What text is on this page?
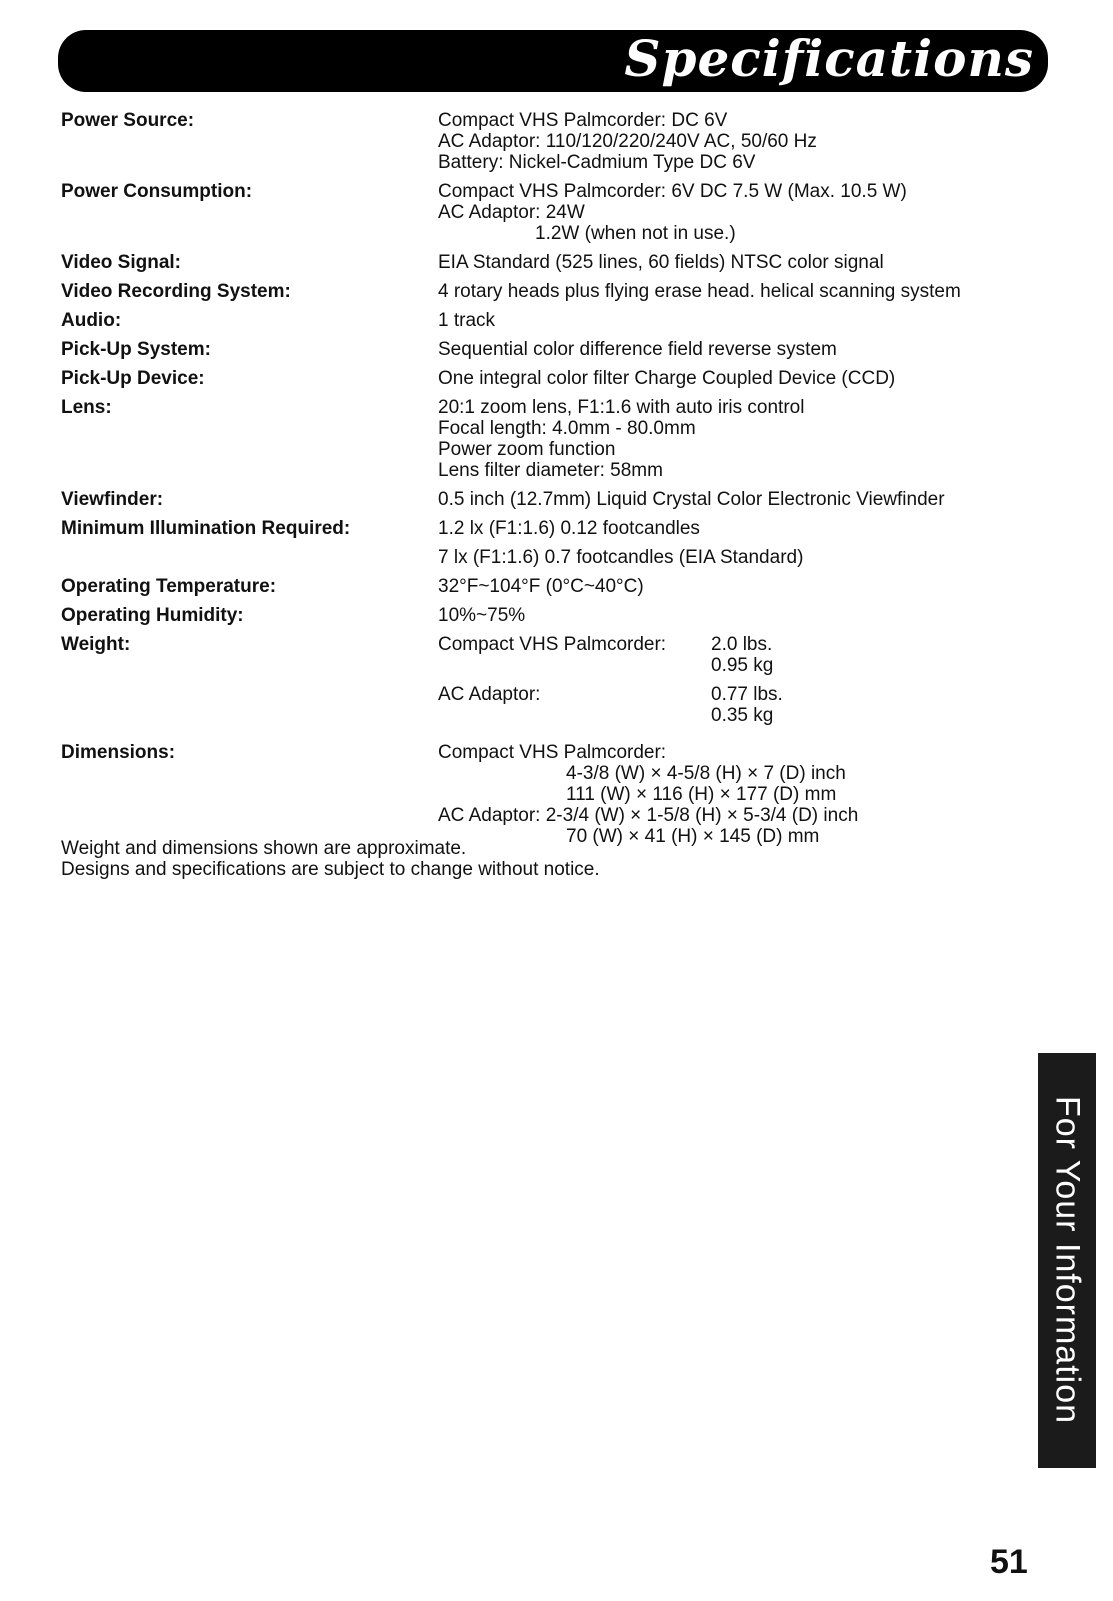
Specifications
Power Source:	Compact VHS Palmcorder: DC 6V
AC Adaptor: 110/120/220/240V AC, 50/60 Hz
Battery: Nickel-Cadmium Type DC 6V

Power Consumption:	Compact VHS Palmcorder: 6V DC 7.5 W (Max. 10.5 W)
AC Adaptor: 24W
1.2W (when not in use.)

Video Signal:	EIA Standard (525 lines, 60 fields) NTSC color signal

Video Recording System:	4 rotary heads plus flying erase head. helical scanning system

Audio:	1 track

Pick-Up System:	Sequential color difference field reverse system

Pick-Up Device:	One integral color filter Charge Coupled Device (CCD)

Lens:	20:1 zoom lens, F1:1.6 with auto iris control
Focal length: 4.0mm - 80.0mm
Power zoom function
Lens filter diameter: 58mm

Viewfinder:	0.5 inch (12.7mm) Liquid Crystal Color Electronic Viewfinder

Minimum Illumination Required:	1.2 lx (F1:1.6) 0.12 footcandles
7 lx (F1:1.6) 0.7 footcandles (EIA Standard)

Operating Temperature:	32°F~104°F (0°C~40°C)

Operating Humidity:	10%~75%

Weight:		Compact VHS Palmcorder:	2.0 lbs.
0.95 kg

AC Adaptor:	0.77 lbs.
0.35 kg

Dimensions:	Compact VHS Palmcorder:
4-3/8 (W) × 4-5/8 (H) × 7 (D) inch
111 (W) × 116 (H) × 177 (D) mm
AC Adaptor: 2-3/4 (W) × 1-5/8 (H) × 5-3/4 (D) inch
70 (W) × 41 (H) × 145 (D) mm
Weight and dimensions shown are approximate.
Designs and specifications are subject to change without notice.
For Your Information
51
